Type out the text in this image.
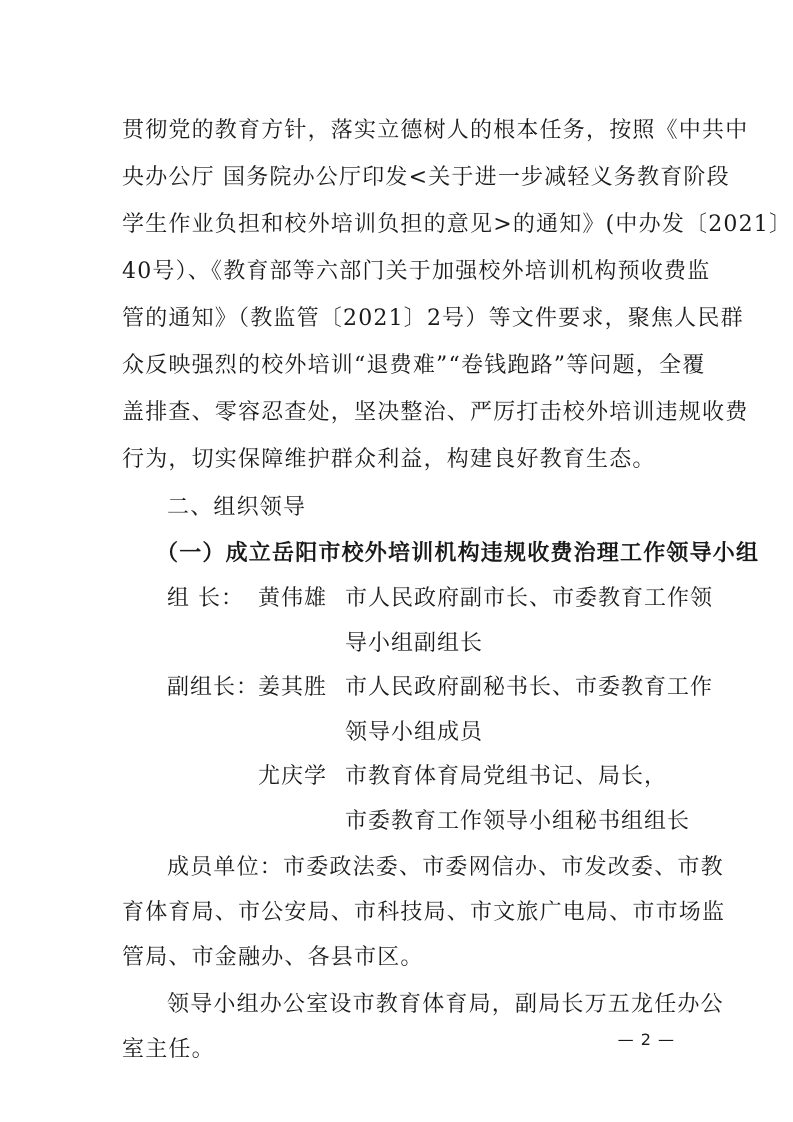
贯彻党的教育方针，落实立德树人的根本任务，按照《中共中
央办公厅 国务院办公厅印发<关于进一步减轻义务教育阶段
学生作业负担和校外培训负担的意见>的通知》(中办发〔2021〕
40号）、《教育部等六部门关于加强校外培训机构预收费监
管的通知》（教监管〔2021〕2号）等文件要求，聚焦人民群
众反映强烈的校外培训“退费难”“卷钱跑路”等问题，全覆
盖排查、零容忍查处，坚决整治、严厉打击校外培训违规收费
行为，切实保障维护群众利益，构建良好教育生态。
二、组织领导
（一）成立岳阳市校外培训机构违规收费治理工作领导小组
组 长： 黄伟雄 市人民政府副市长、市委教育工作领
导小组副组长
副组长：
姜其胜 市人民政府副秘书长、市委教育工作
领导小组成员
尤庆学 市教育体育局党组书记、局长，
市委教育工作领导小组秘书组组长
成员单位：市委政法委、市委网信办、市发改委、市教
育体育局、市公安局、市科技局、市文旅广电局、市市场监
管局、市金融办、各县市区。
领导小组办公室设市教育体育局，副局长万五龙任办公
室主任。	— 2 —
